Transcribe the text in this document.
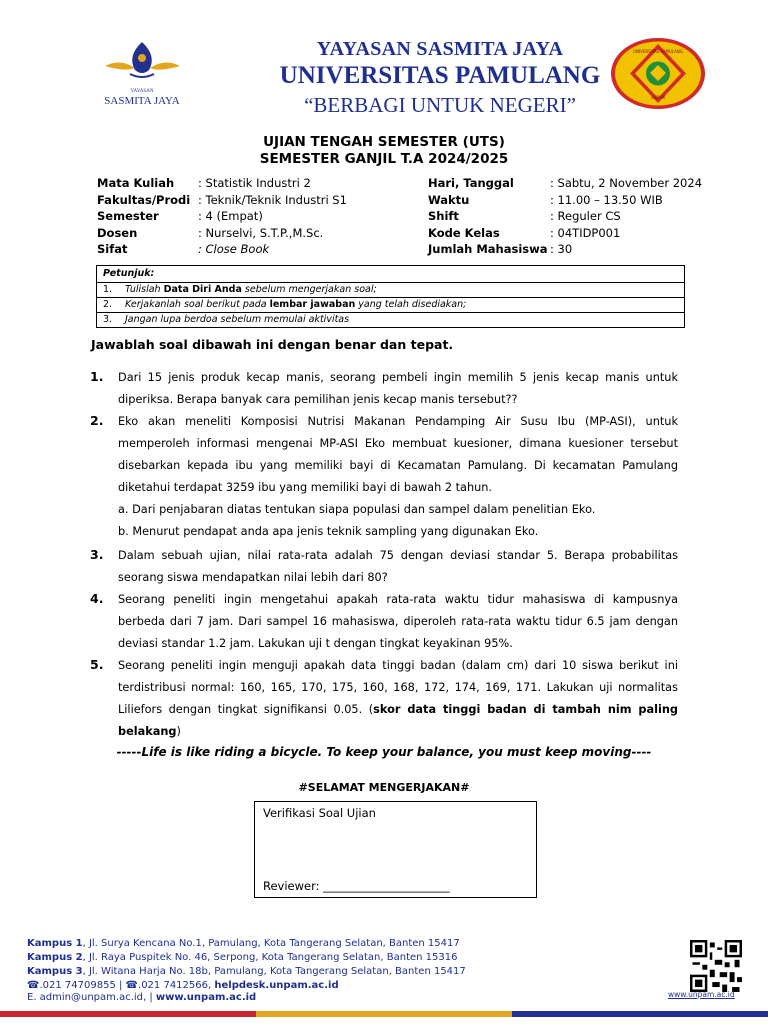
YAYASAN
SASMITA JAYA
YAYASAN SASMITA JAYA
UNIVERSITAS PAMULANG
“BERBAGI UNTUK NEGERI”
UNIVERSITAS PAMULANG
UNPAM
UJIAN TENGAH SEMESTER (UTS)
SEMESTER GANJIL T.A 2024/2025
Mata Kuliah
Fakultas/Prodi
Semester
Dosen
Sifat
: Statistik Industri 2
: Teknik/Teknik Industri S1
: 4 (Empat)
: Nurselvi, S.T.P.,M.Sc.
: Close Book
Hari, Tanggal
Waktu
Shift
Kode Kelas
Jumlah Mahasiswa
: Sabtu, 2 November 2024
: 11.00 – 13.50 WIB
: Reguler CS
: 04TIDP001
: 30
Petunjuk:
1. Tulislah Data Diri Anda sebelum mengerjakan soal;
2. Kerjakanlah soal berikut pada lembar jawaban yang telah disediakan;
3. Jangan lupa berdoa sebelum memulai aktivitas
Jawablah soal dibawah ini dengan benar dan tepat.
1. Dari 15 jenis produk kecap manis, seorang pembeli ingin memilih 5 jenis kecap manis untuk diperiksa. Berapa banyak cara pemilihan jenis kecap manis tersebut??
2. Eko akan meneliti Komposisi Nutrisi Makanan Pendamping Air Susu Ibu (MP-ASI), untuk memperoleh informasi mengenai MP-ASI Eko membuat kuesioner, dimana kuesioner tersebut disebarkan kepada ibu yang memiliki bayi di Kecamatan Pamulang. Di kecamatan Pamulang diketahui terdapat 3259 ibu yang memiliki bayi di bawah 2 tahun.
a. Dari penjabaran diatas tentukan siapa populasi dan sampel dalam penelitian Eko.
b. Menurut pendapat anda apa jenis teknik sampling yang digunakan Eko.
3. Dalam sebuah ujian, nilai rata-rata adalah 75 dengan deviasi standar 5. Berapa probabilitas seorang siswa mendapatkan nilai lebih dari 80?
4. Seorang peneliti ingin mengetahui apakah rata-rata waktu tidur mahasiswa di kampusnya berbeda dari 7 jam. Dari sampel 16 mahasiswa, diperoleh rata-rata waktu tidur 6.5 jam dengan deviasi standar 1.2 jam. Lakukan uji t dengan tingkat keyakinan 95%.
5. Seorang peneliti ingin menguji apakah data tinggi badan (dalam cm) dari 10 siswa berikut ini terdistribusi normal: 160, 165, 170, 175, 160, 168, 172, 174, 169, 171. Lakukan uji normalitas Liliefors dengan tingkat signifikansi 0.05. (skor data tinggi badan di tambah nim paling belakang)
-----Life is like riding a bicycle. To keep your balance, you must keep moving----
#SELAMAT MENGERJAKAN#
Verifikasi Soal Ujian
Reviewer: ______________________
Kampus 1, Jl. Surya Kencana No.1, Pamulang, Kota Tangerang Selatan, Banten 15417
Kampus 2, Jl. Raya Puspitek No. 46, Serpong, Kota Tangerang Selatan, Banten 15316
Kampus 3, Jl. Witana Harja No. 18b, Pamulang, Kota Tangerang Selatan, Banten 15417
☎.021 74709855 | ☎.021 7412566, helpdesk.unpam.ac.id
E. admin@unpam.ac.id, | www.unpam.ac.id	www.unpam.ac.id
